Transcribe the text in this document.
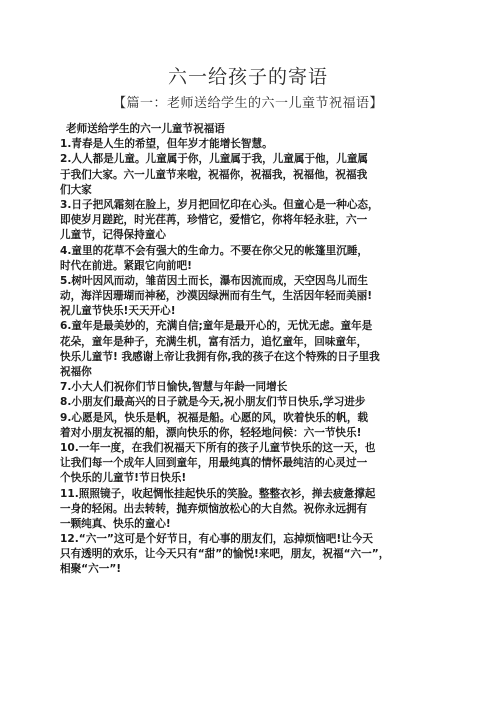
六一给孩子的寄语
【篇一：老师送给学生的六一儿童节祝福语】
老师送给学生的六一儿童节祝福语
1.青春是人生的希望，但年岁才能增长智慧。
2.人人都是儿童。儿童属于你，儿童属于我，儿童属于他，儿童属
于我们大家。六一儿童节来啦，祝福你，祝福我，祝福他，祝福我
们大家
3.日子把风霜刻在脸上，岁月把回忆印在心头。但童心是一种心态，
即使岁月蹉跎，时光荏苒，珍惜它，爱惜它，你将年轻永驻，六一
儿童节，记得保持童心
4.童里的花草不会有强大的生命力。不要在你父兄的帐篷里沉睡，
时代在前进。紧跟它向前吧!
5.树叶因风而动，雏苗因土而长，瀑布因流而成，天空因鸟儿而生
动，海洋因珊瑚而神秘，沙漠因绿洲而有生气，生活因年轻而美丽!
祝儿童节快乐!天天开心!
6.童年是最美妙的，充满自信;童年是最开心的，无忧无虑。童年是
花朵，童年是种子，充满生机，富有活力，追忆童年，回味童年，
快乐儿童节! 我感谢上帝让我拥有你,我的孩子在这个特殊的日子里我
祝福你
7.小大人们祝你们节日愉快,智慧与年龄一同增长
8.小朋友们最高兴的日子就是今天,祝小朋友们节日快乐,学习进步
9.心愿是风，快乐是帆，祝福是船。心愿的风，吹着快乐的帆，载
着对小朋友祝福的船，漂向快乐的你，轻轻地问候：六一节快乐!
10.一年一度，在我们祝福天下所有的孩子儿童节快乐的这一天，也
让我们每一个成年人回到童年，用最纯真的情怀最纯洁的心灵过一
个快乐的儿童节!节日快乐!
11.照照镜子，收起惆怅挂起快乐的笑脸。整整衣衫，掸去疲惫撑起
一身的轻闲。出去转转，抛弃烦恼放松心的大自然。祝你永远拥有
一颗纯真、快乐的童心!
12.“六一”这可是个好节日，有心事的朋友们，忘掉烦恼吧!让今天
只有透明的欢乐，让今天只有“甜”的愉悦!来吧，朋友，祝福“六一”，
相聚“六一”!
